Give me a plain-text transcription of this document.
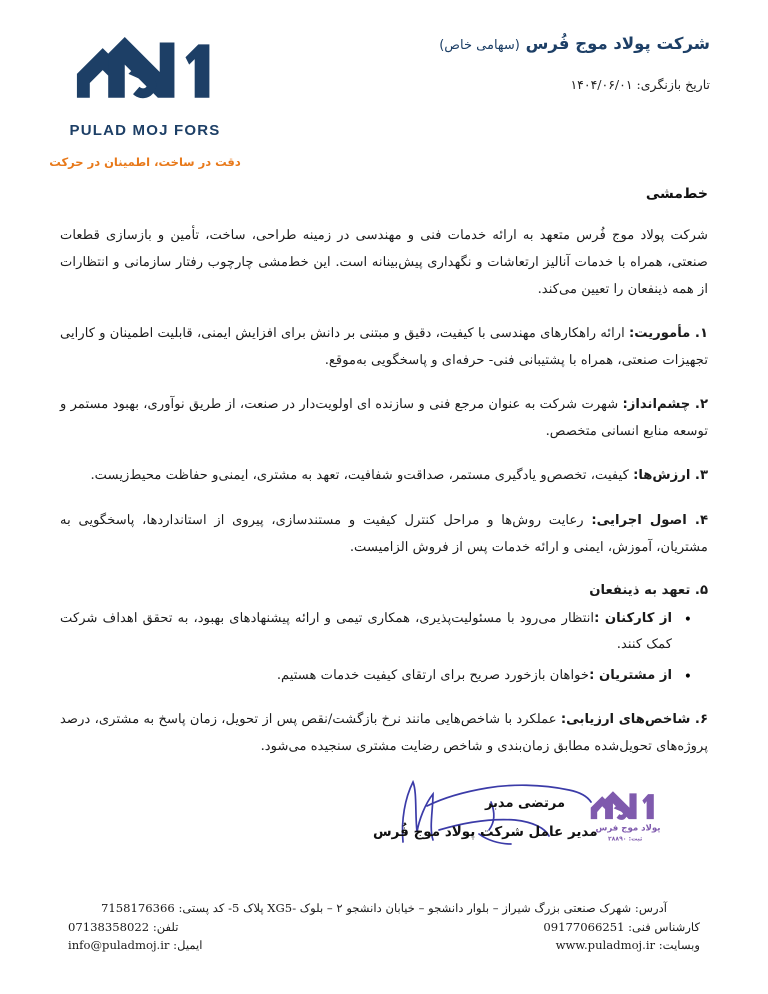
شرکت پولاد موج فُرس (سهامی خاص)
تاریخ بازنگری: ۱۴۰۴/۰۶/۰۱
PULAD MOJ FORS
دقت در ساخت، اطمینان در حرکت
خط‌مشی

شرکت پولاد موج فُرس متعهد به ارائه خدمات فنی و مهندسی در زمینه طراحی، ساخت، تأمین و بازسازی قطعات صنعتی، همراه با خدمات آنالیز ارتعاشات و نگهداری پیش‌بینانه است. این خط‌مشی چارچوب رفتار سازمانی و انتظارات از همه ذینفعان را تعیین می‌کند.

۱. مأموریت: ارائه راهکارهای مهندسی با کیفیت، دقیق و مبتنی بر دانش برای افزایش ایمنی، قابلیت اطمینان و کارایی تجهیزات صنعتی، همراه با پشتیبانی فنی- حرفه‌ای و پاسخگویی به‌موقع.

۲. چشم‌انداز: شهرت شرکت به عنوان مرجع فنی و سازنده ای اولویت‌دار در صنعت، از طریق نوآوری، بهبود مستمر و توسعه منابع انسانی متخصص.

۳. ارزش‌ها: کیفیت، تخصص‌و یادگیری مستمر، صداقت‌و شفافیت، تعهد به مشتری، ایمنی‌و حفاظت محیط‌زیست.

۴. اصول اجرایی: رعایت روش‌ها و مراحل کنترل کیفیت و مستندسازی، پیروی از استانداردها، پاسخگویی به مشتریان، آموزش، ایمنی و ارائه خدمات پس از فروش الزامیست.

۵. تعهد به ذینفعان
• از کارکنان :انتظار می‌رود با مسئولیت‌پذیری، همکاری تیمی و ارائه پیشنهادهای بهبود، به تحقق اهداف شرکت کمک کنند.
• از مشتریان :خواهان بازخورد صریح برای ارتقای کیفیت خدمات هستیم.

۶. شاخص‌های ارزیابی: عملکرد با شاخص‌هایی مانند نرخ بازگشت/نقص پس از تحویل، زمان پاسخ به مشتری، درصد پروژه‌های تحویل‌شده مطابق زمان‌بندی و شاخص رضایت مشتری سنجیده می‌شود.

پولاد موج فرس
ثبت: ۲۸۸۹۰
مرتضی مدبر
مدیر عامل شرکت پولاد موج فُرس
آدرس: شهرک صنعتی بزرگ شیراز – بلوار دانشجو – خیابان دانشجو ۲ – بلوک -XG5 پلاک 5- کد پستی: 7158176366
کارشناس فنی: 09177066251
تلفن: 07138358022
وبسایت: www.puladmoj.ir
ایمیل: info@puladmoj.ir
